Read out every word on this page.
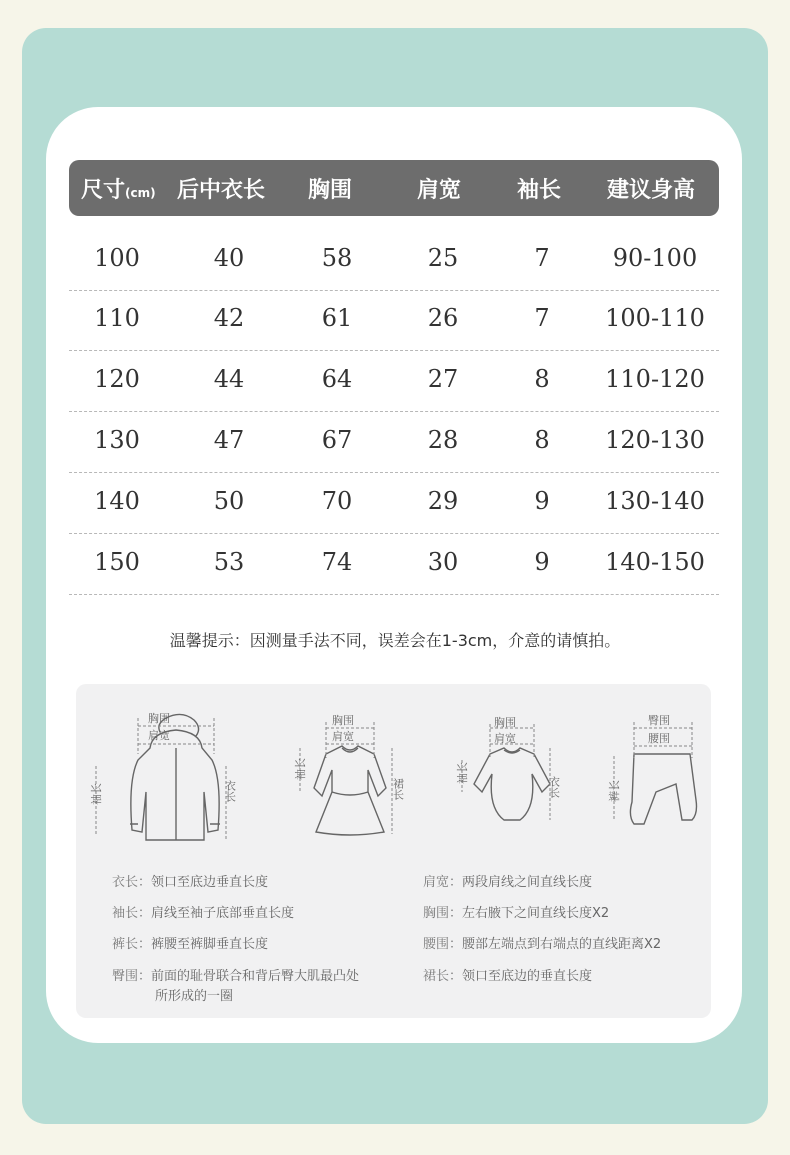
尺寸(cm) 后中衣长 胸围	肩宽	袖长 建议身高
100	40	58	25	7	90-100
110	42	61	26	7 100-110
120	44	64	27	8 110-120
130	47	67	28	8 120-130
140	50	70	29	9 130-140
150	53	74	30	9 140-150
温馨提示：因测量手法不同，误差会在1-3cm，介意的请慎拍。
胸围
肩宽
袖长	衣长
胸围
肩宽
袖长
裙长
胸围
肩宽
袖长
衣长
臀围
腰围
裤长
衣长：领口至底边垂直长度
袖长：肩线至袖子底部垂直长度
裤长：裤腰至裤脚垂直长度
臀围：前面的耻骨联合和背后臀大肌最凸处
所形成的一圈
肩宽：两段肩线之间直线长度
胸围：左右腋下之间直线长度X2
腰围：腰部左端点到右端点的直线距离X2
裙长：领口至底边的垂直长度
